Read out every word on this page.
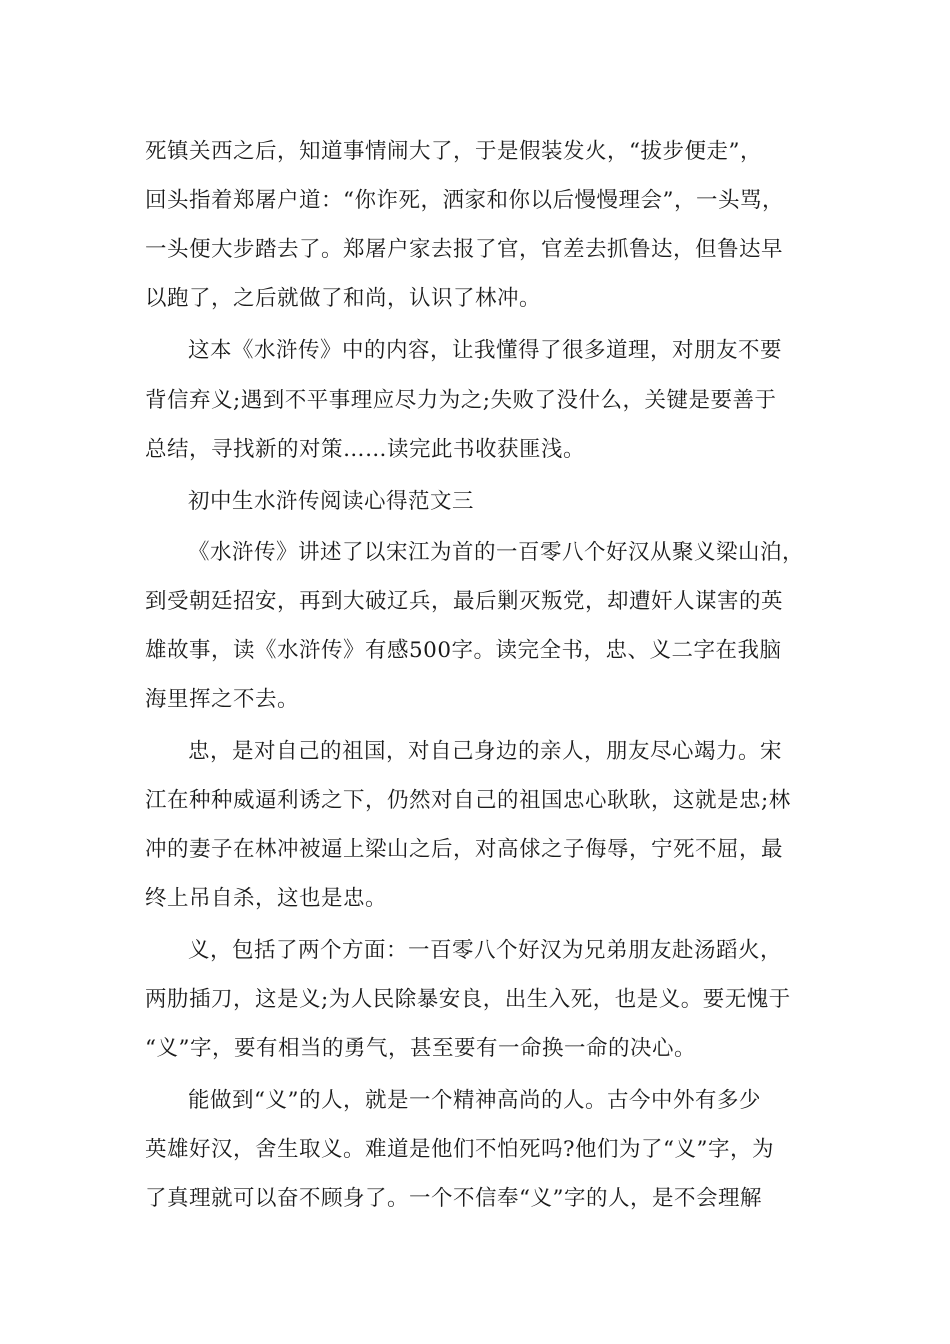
死镇关西之后，知道事情闹大了，于是假装发火，“拔步便走”，
回头指着郑屠户道：“你诈死，洒家和你以后慢慢理会”，一头骂，
一头便大步踏去了。郑屠户家去报了官，官差去抓鲁达，但鲁达早
以跑了，之后就做了和尚，认识了林冲。
这本《水浒传》中的内容，让我懂得了很多道理，对朋友不要
背信弃义;遇到不平事理应尽力为之;失败了没什么，关键是要善于
总结，寻找新的对策……读完此书收获匪浅。
初中生水浒传阅读心得范文三
《水浒传》讲述了以宋江为首的一百零八个好汉从聚义梁山泊，
到受朝廷招安，再到大破辽兵，最后剿灭叛党，却遭奸人谋害的英
雄故事，读《水浒传》有感500字。读完全书，忠、义二字在我脑
海里挥之不去。
忠，是对自己的祖国，对自己身边的亲人，朋友尽心竭力。宋
江在种种威逼利诱之下，仍然对自己的祖国忠心耿耿，这就是忠;林
冲的妻子在林冲被逼上梁山之后，对高俅之子侮辱，宁死不屈，最
终上吊自杀，这也是忠。
义，包括了两个方面：一百零八个好汉为兄弟朋友赴汤蹈火，
两肋插刀，这是义;为人民除暴安良，出生入死，也是义。要无愧于
“义”字，要有相当的勇气，甚至要有一命换一命的决心。
能做到“义”的人，就是一个精神高尚的人。古今中外有多少
英雄好汉，舍生取义。难道是他们不怕死吗?他们为了“义”字，为
了真理就可以奋不顾身了。一个不信奉“义”字的人，是不会理解
